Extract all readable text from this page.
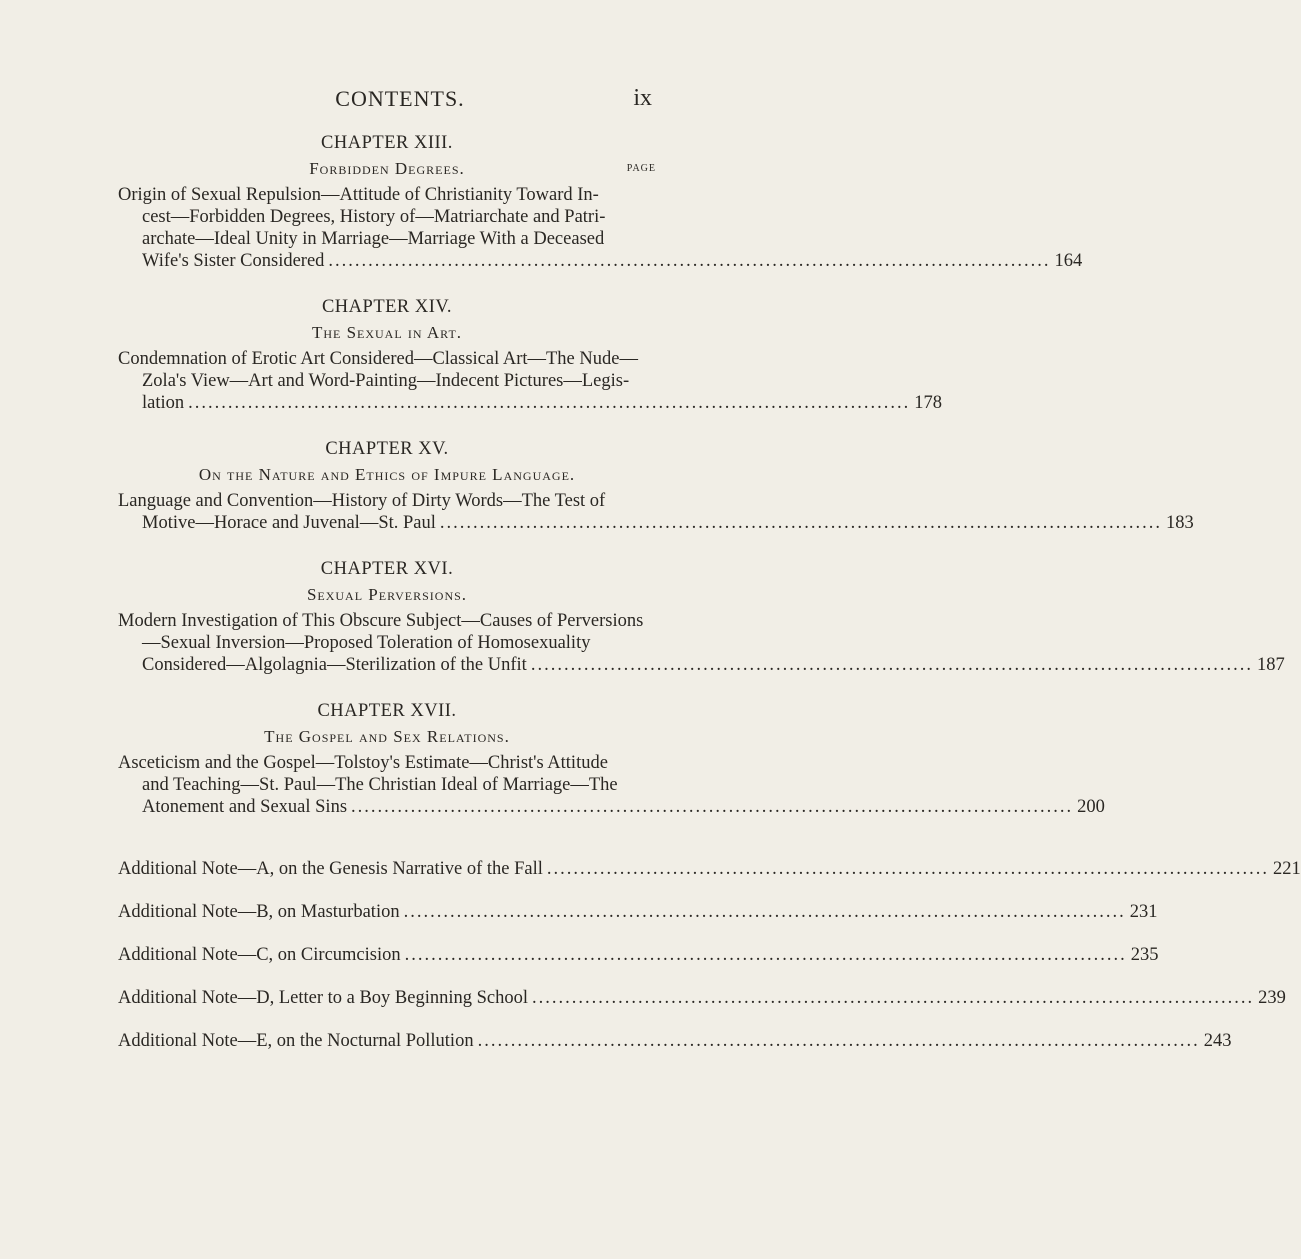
CONTENTS.	ix
CHAPTER XIII.
Forbidden Degrees.	PAGE
Origin of Sexual Repulsion—Attitude of Christianity Toward In-
cest—Forbidden Degrees, History of—Matriarchate and Patri-
archate—Ideal Unity in Marriage—Marriage With a Deceased
Wife's Sister Considered ............................................................................................................. 164
CHAPTER XIV.
The Sexual in Art.
Condemnation of Erotic Art Considered—Classical Art—The Nude—
Zola's View—Art and Word-Painting—Indecent Pictures—Legis-
lation ............................................................................................................. 178
CHAPTER XV.
On the Nature and Ethics of Impure Language.
Language and Convention—History of Dirty Words—The Test of
Motive—Horace and Juvenal—St. Paul ............................................................................................................. 183
CHAPTER XVI.
Sexual Perversions.
Modern Investigation of This Obscure Subject—Causes of Perversions
—Sexual Inversion—Proposed Toleration of Homosexuality
Considered—Algolagnia—Sterilization of the Unfit ............................................................................................................. 187
CHAPTER XVII.
The Gospel and Sex Relations.
Asceticism and the Gospel—Tolstoy's Estimate—Christ's Attitude
and Teaching—St. Paul—The Christian Ideal of Marriage—The
Atonement and Sexual Sins ............................................................................................................. 200
Additional Note—A, on the Genesis Narrative of the Fall ............................................................................................................. 221
Additional Note—B, on Masturbation ............................................................................................................. 231
Additional Note—C, on Circumcision ............................................................................................................. 235
Additional Note—D, Letter to a Boy Beginning School ............................................................................................................. 239
Additional Note—E, on the Nocturnal Pollution ............................................................................................................. 243
